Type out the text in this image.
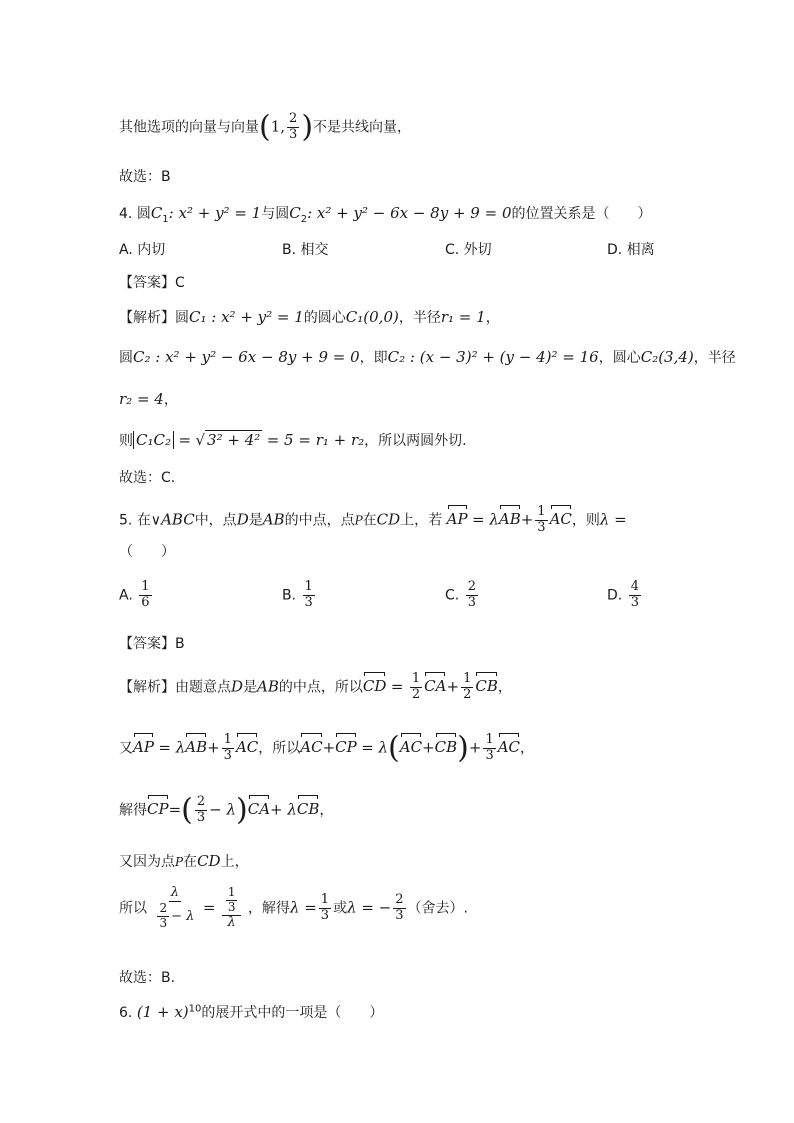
其他选项的向量与向量(1, $\frac{2}{3}$ )不是共线向量，
故选：B
4. 圆$C_1$: x² + y² = 1与圆$C_2$: x² + y² − 6x − 8y + 9 = 0的位置关系是（　　）
A. 内切	B. 相交	C. 外切	D. 相离
【答案】C
【解析】圆C₁ : x² + y² = 1的圆心C₁(0,0)，半径r₁ = 1，
圆C₂ : x² + y² − 6x − 8y + 9 = 0，即C₂ : (x − 3)² + (y − 4)² = 16，圆心C₂(3,4)，半径
r₂ = 4，
则 C₁C₂ = √ 3² + 4² = 5 = r₁ + r₂，所以两圆外切.
故选：C.
5. 在∨ABC中，点D是AB的中点，点P在CD上，若 AP = $\lambda AB+ \frac{1}{3}$ AC，则λ =
（　　）
A. $\frac{1}{6}$	B. $\frac{1}{3}$	C. $\frac{2}{3}$	D. $\frac{4}{3}$
【答案】B
【解析】由题意点D是AB的中点，所以CD = $\frac{1}{2} CA+ \frac{1}{2}$ CB，
又AP = $\lambda AB+ \frac{1}{3}$ AC，所以$AC+CP = \lambda(AC+CB)+ \frac{1}{3}$ AC，
解得$CP=( \frac{2}{3} - \lambda)CA+ \lambda CB$，
又因为点P在CD上，
所以 $\frac{\lambda}{\frac{2}{3} - \lambda} = \frac{\frac{1}{3}}{\lambda}$ ，解得$\lambda = \frac{1}{3}$ 或λ = − $\frac{2}{3}$ （舍去）.
故选：B.
6. $(1 + x)^{10}$的展开式中的一项是（　　）
